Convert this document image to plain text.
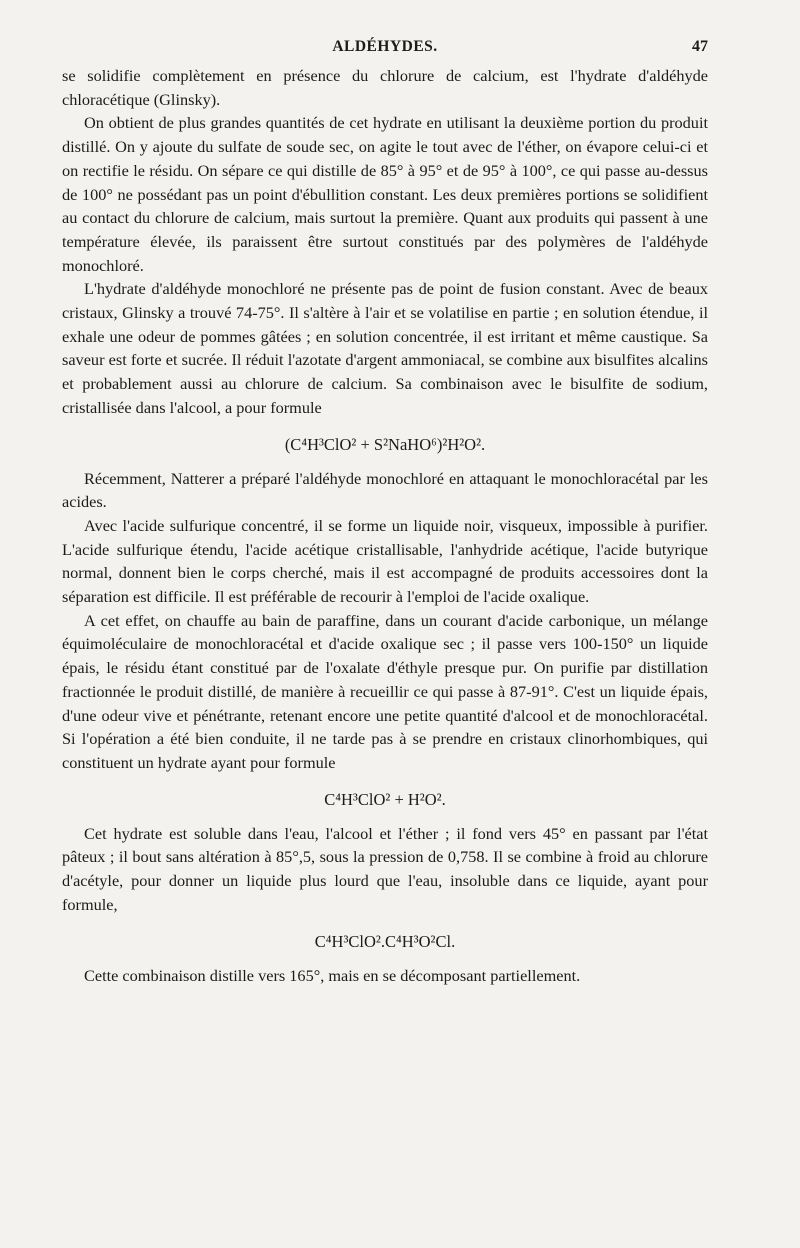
ALDÉHYDES.	47

se solidifie complètement en présence du chlorure de calcium, est l'hydrate d'aldéhyde chloracétique (Glinsky).

On obtient de plus grandes quantités de cet hydrate en utilisant la deuxième portion du produit distillé. On y ajoute du sulfate de soude sec, on agite le tout avec de l'éther, on évapore celui-ci et on rectifie le résidu. On sépare ce qui distille de 85° à 95° et de 95° à 100°, ce qui passe au-dessus de 100° ne possédant pas un point d'ébullition constant. Les deux premières portions se solidifient au contact du chlorure de calcium, mais surtout la première. Quant aux produits qui passent à une température élevée, ils paraissent être surtout constitués par des polymères de l'aldéhyde monochloré.

L'hydrate d'aldéhyde monochloré ne présente pas de point de fusion constant. Avec de beaux cristaux, Glinsky a trouvé 74-75°. Il s'altère à l'air et se volatilise en partie ; en solution étendue, il exhale une odeur de pommes gâtées ; en solution concentrée, il est irritant et même caustique. Sa saveur est forte et sucrée. Il réduit l'azotate d'argent ammoniacal, se combine aux bisulfites alcalins et probablement aussi au chlorure de calcium. Sa combinaison avec le bisulfite de sodium, cristallisée dans l'alcool, a pour formule

(C⁴H³ClO² + S²NaHO⁶)²H²O².

Récemment, Natterer a préparé l'aldéhyde monochloré en attaquant le monochloracétal par les acides.

Avec l'acide sulfurique concentré, il se forme un liquide noir, visqueux, impossible à purifier. L'acide sulfurique étendu, l'acide acétique cristallisable, l'anhydride acétique, l'acide butyrique normal, donnent bien le corps cherché, mais il est accompagné de produits accessoires dont la séparation est difficile. Il est préférable de recourir à l'emploi de l'acide oxalique.

A cet effet, on chauffe au bain de paraffine, dans un courant d'acide carbonique, un mélange équimoléculaire de monochloracétal et d'acide oxalique sec ; il passe vers 100-150° un liquide épais, le résidu étant constitué par de l'oxalate d'éthyle presque pur. On purifie par distillation fractionnée le produit distillé, de manière à recueillir ce qui passe à 87-91°. C'est un liquide épais, d'une odeur vive et pénétrante, retenant encore une petite quantité d'alcool et de monochloracétal. Si l'opération a été bien conduite, il ne tarde pas à se prendre en cristaux clinorhombiques, qui constituent un hydrate ayant pour formule

C⁴H³ClO² + H²O².

Cet hydrate est soluble dans l'eau, l'alcool et l'éther ; il fond vers 45° en passant par l'état pâteux ; il bout sans altération à 85°,5, sous la pression de 0,758. Il se combine à froid au chlorure d'acétyle, pour donner un liquide plus lourd que l'eau, insoluble dans ce liquide, ayant pour formule,

C⁴H³ClO².C⁴H³O²Cl.

Cette combinaison distille vers 165°, mais en se décomposant partiellement.
